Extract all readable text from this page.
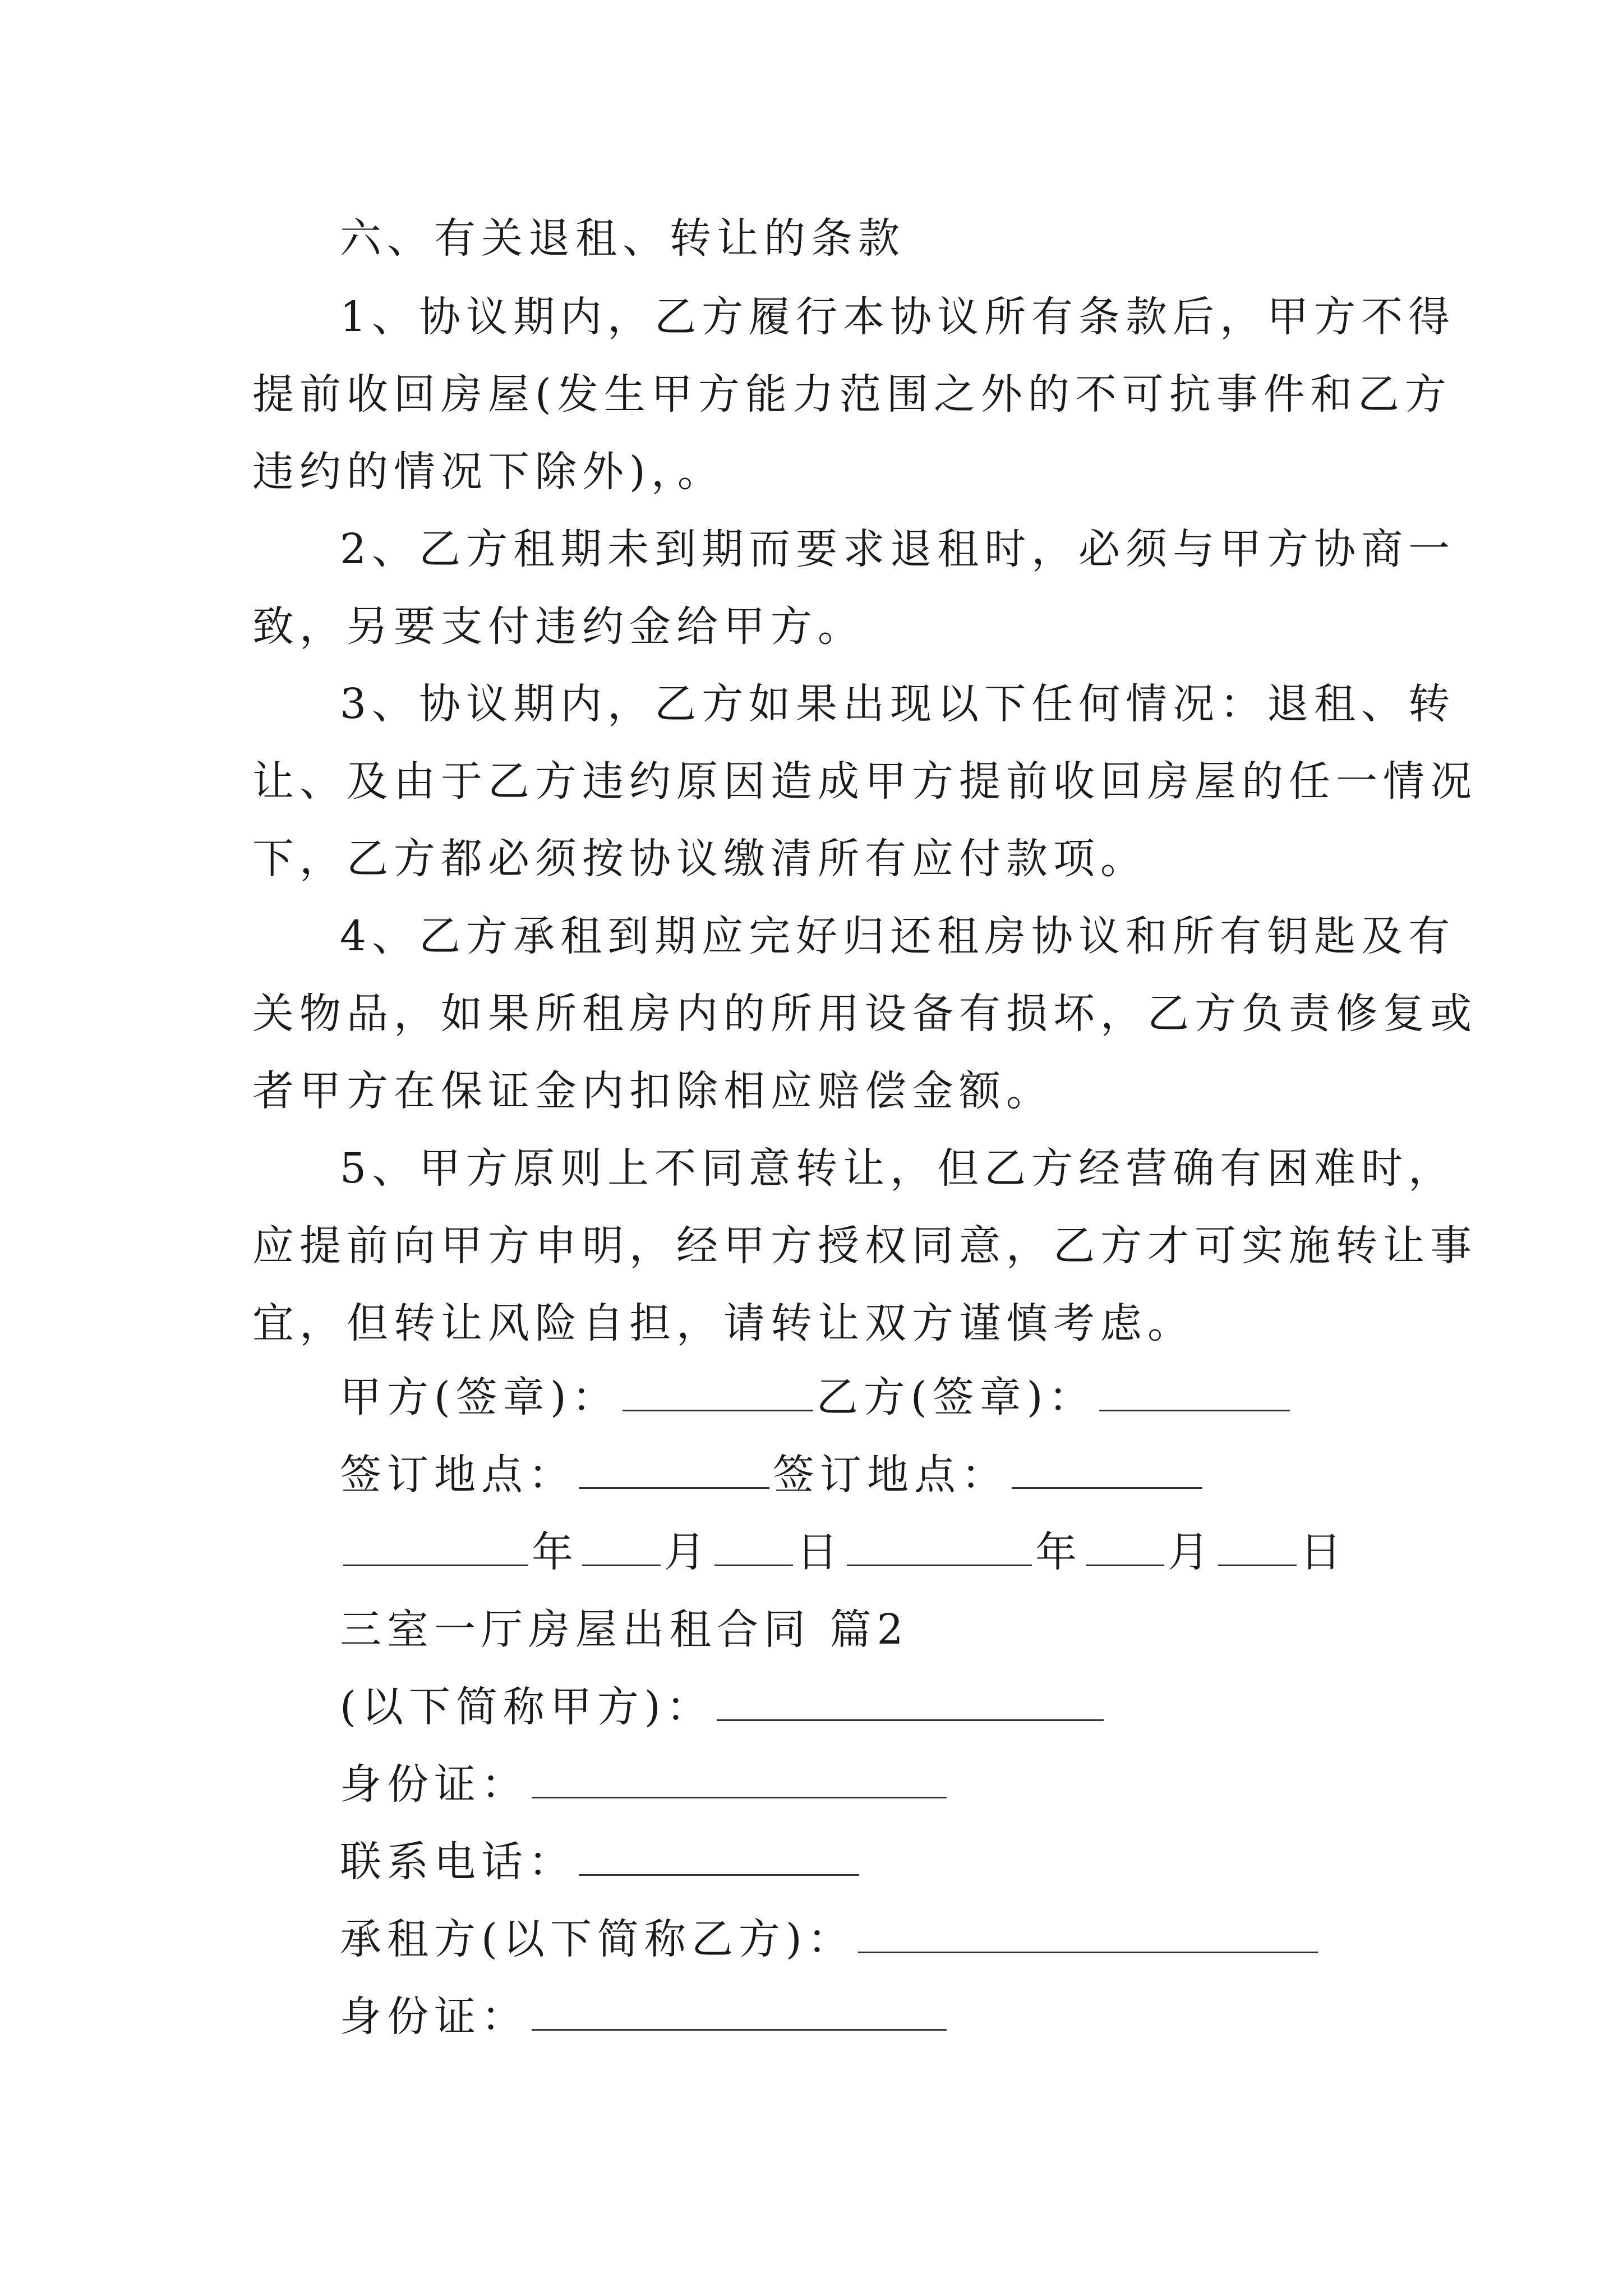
六、有关退租、转让的条款
1、协议期内，乙方履行本协议所有条款后，甲方不得
提前收回房屋(发生甲方能力范围之外的不可抗事件和乙方
违约的情况下除外)，。
2、乙方租期未到期而要求退租时，必须与甲方协商一
致，另要支付违约金给甲方。
3、协议期内，乙方如果出现以下任何情况：退租、转
让、及由于乙方违约原因造成甲方提前收回房屋的任一情况
下，乙方都必须按协议缴清所有应付款项。
4、乙方承租到期应完好归还租房协议和所有钥匙及有
关物品，如果所租房内的所用设备有损坏，乙方负责修复或
者甲方在保证金内扣除相应赔偿金额。
5、甲方原则上不同意转让，但乙方经营确有困难时，
应提前向甲方申明，经甲方授权同意，乙方才可实施转让事
宜，但转让风险自担，请转让双方谨慎考虑。
甲方(签章)：	乙方(签章)：
签订地点：	签订地点：
年 月 日	年 月 日
三室一厅房屋出租合同 篇2
(以下简称甲方)：
身份证：
联系电话：
承租方(以下简称乙方)：
身份证：
